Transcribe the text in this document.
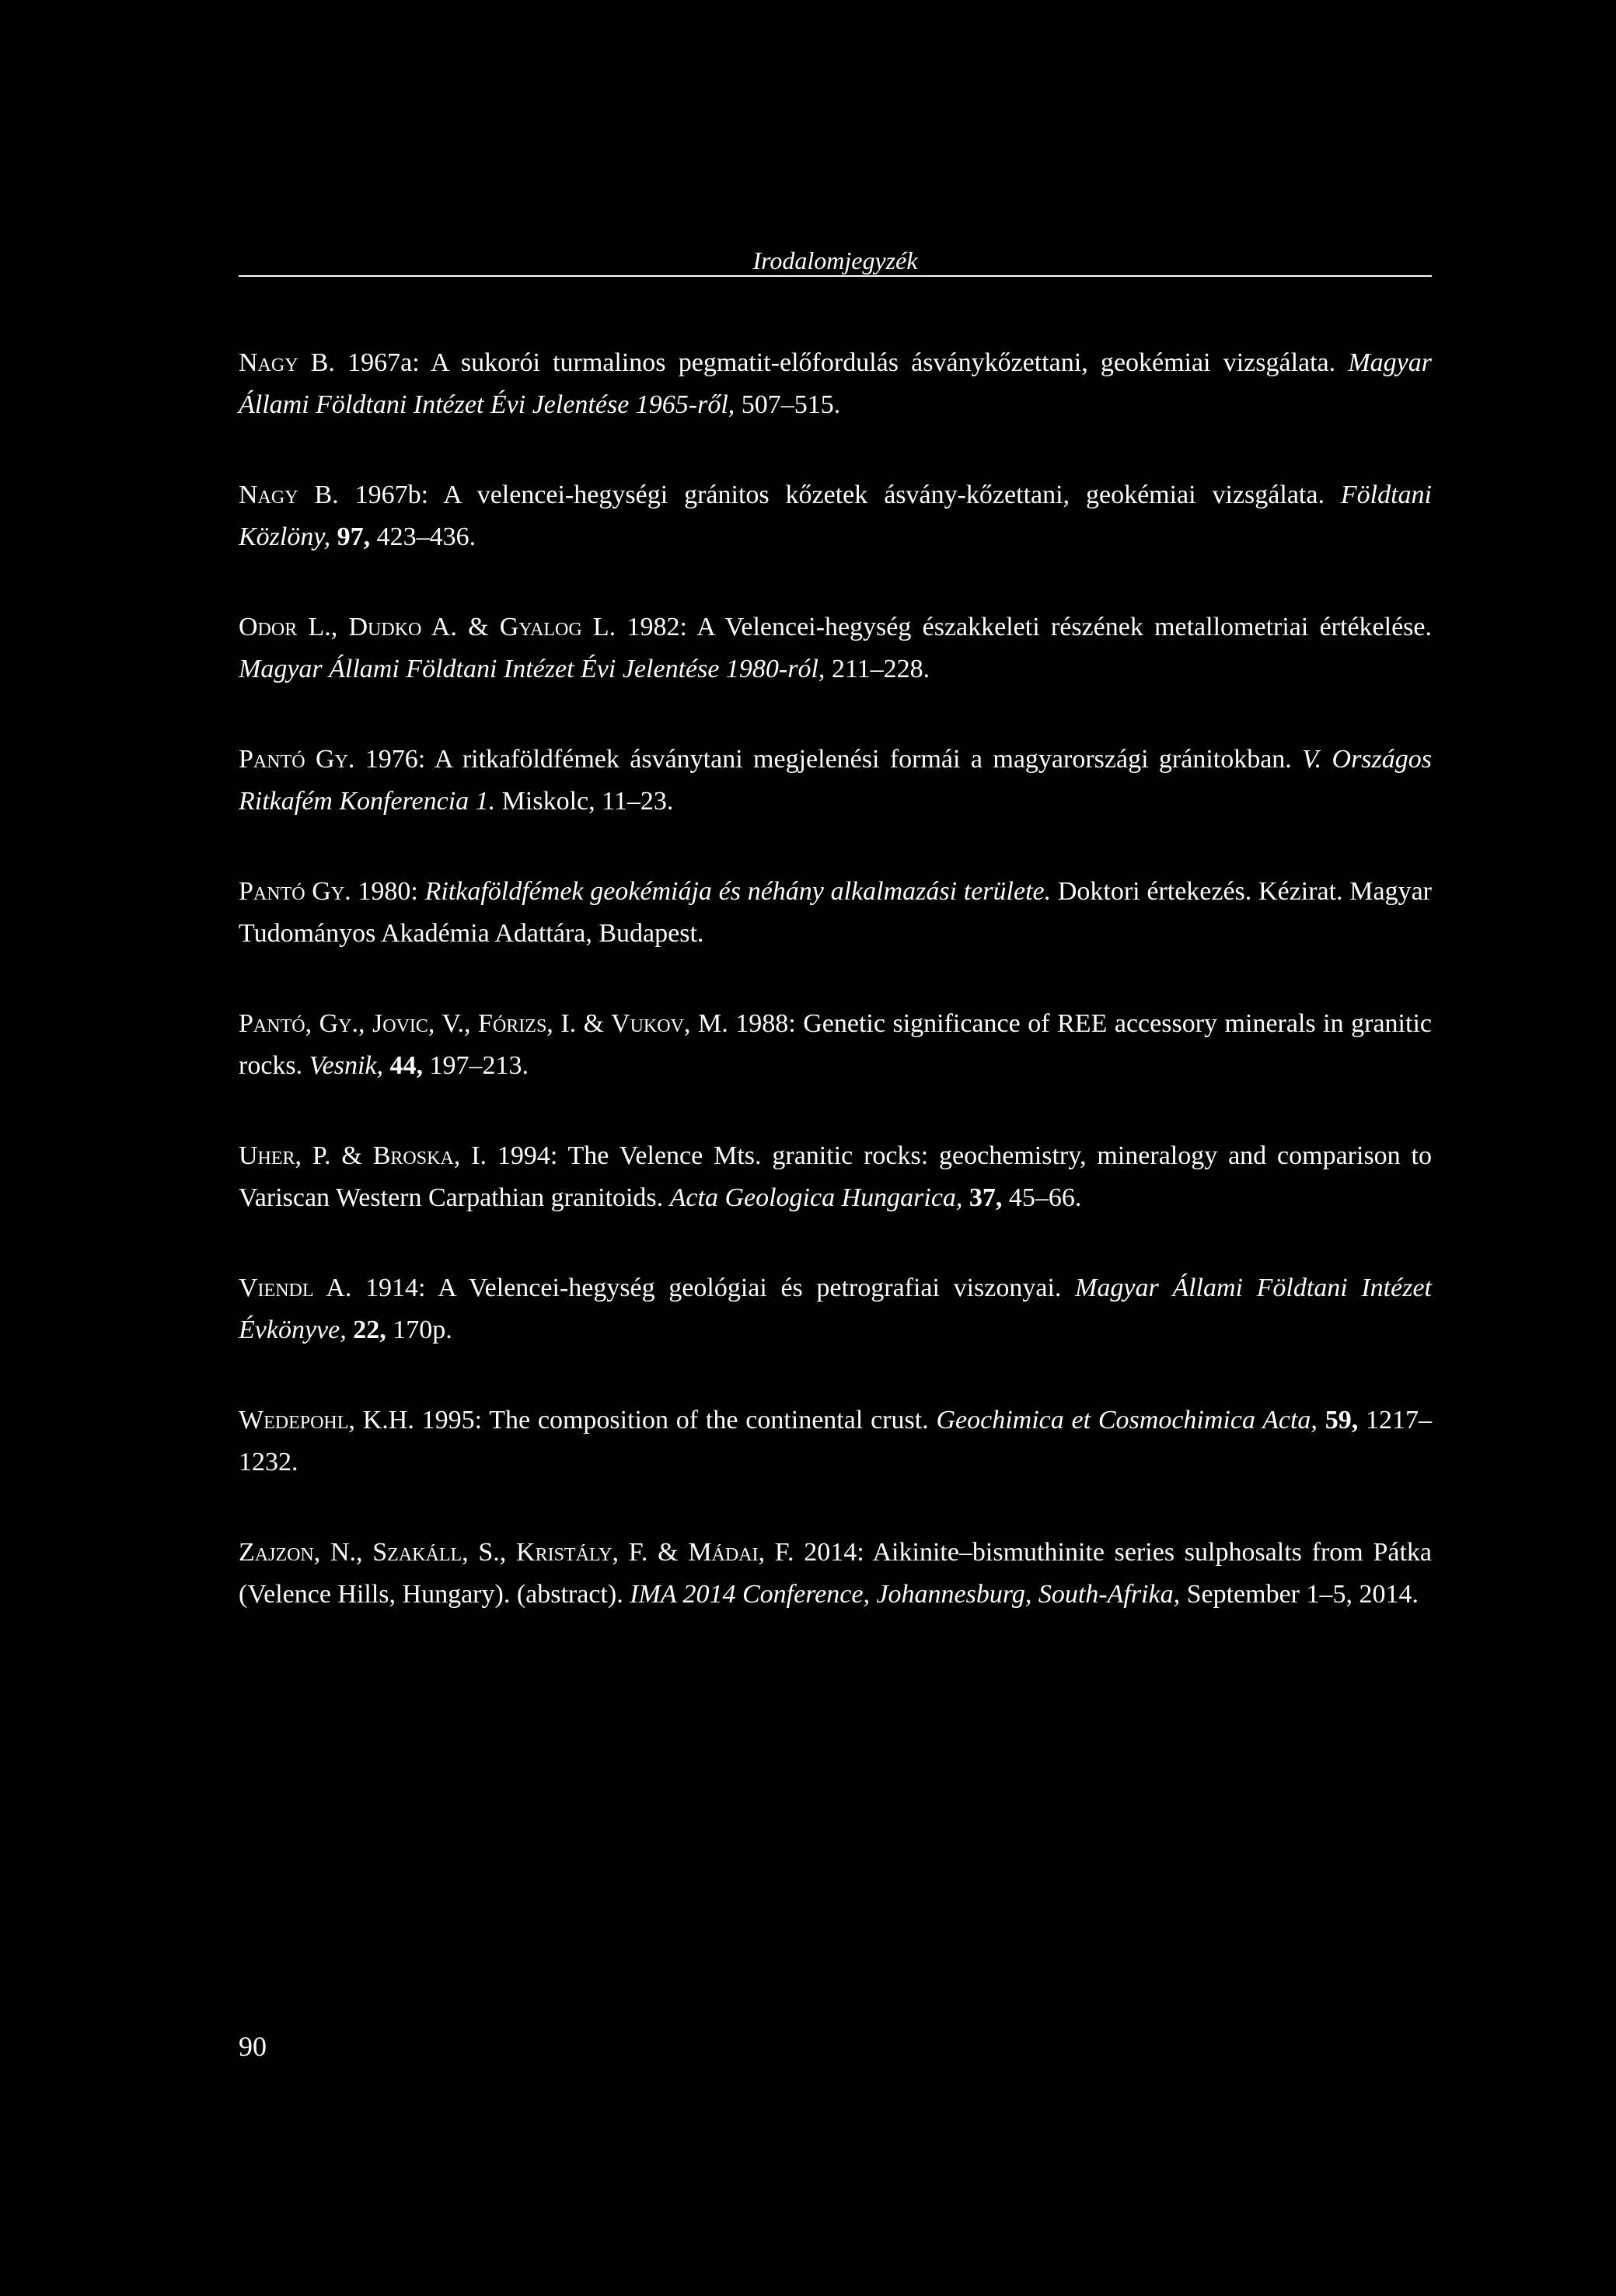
Irodalomjegyzék

Nagy B. 1967a: A sukorói turmalinos pegmatit-előfordulás ásványkőzettani, geokémiai vizsgálata. Magyar Állami Földtani Intézet Évi Jelentése 1965-ről, 507–515.

Nagy B. 1967b: A velencei-hegységi gránitos kőzetek ásvány-kőzettani, geokémiai vizsgálata. Földtani Közlöny, 97, 423–436.

Odor L., Dudko A. & Gyalog L. 1982: A Velencei-hegység északkeleti részének metallometriai értékelése. Magyar Állami Földtani Intézet Évi Jelentése 1980-ról, 211–228.

Pantó Gy. 1976: A ritkaföldfémek ásványtani megjelenési formái a magyarországi gránitokban. V. Országos Ritkafém Konferencia 1. Miskolc, 11–23.

Pantó Gy. 1980: Ritkaföldfémek geokémiája és néhány alkalmazási területe. Doktori értekezés. Kézirat. Magyar Tudományos Akadémia Adattára, Budapest.

Pantó, Gy., Jovic, V., Fórizs, I. & Vukov, M. 1988: Genetic significance of REE accessory minerals in granitic rocks. Vesnik, 44, 197–213.

Uher, P. & Broska, I. 1994: The Velence Mts. granitic rocks: geochemistry, mineralogy and comparison to Variscan Western Carpathian granitoids. Acta Geologica Hungarica, 37, 45–66.

Viendl A. 1914: A Velencei-hegység geológiai és petrografiai viszonyai. Magyar Állami Földtani Intézet Évkönyve, 22, 170p.

Wedepohl, K.H. 1995: The composition of the continental crust. Geochimica et Cosmochimica Acta, 59, 1217–1232.

Zajzon, N., Szakáll, S., Kristály, F. & Mádai, F. 2014: Aikinite–bismuthinite series sulphosalts from Pátka (Velence Hills, Hungary). (abstract). IMA 2014 Conference, Johannesburg, South-Afrika, September 1–5, 2014.

90
